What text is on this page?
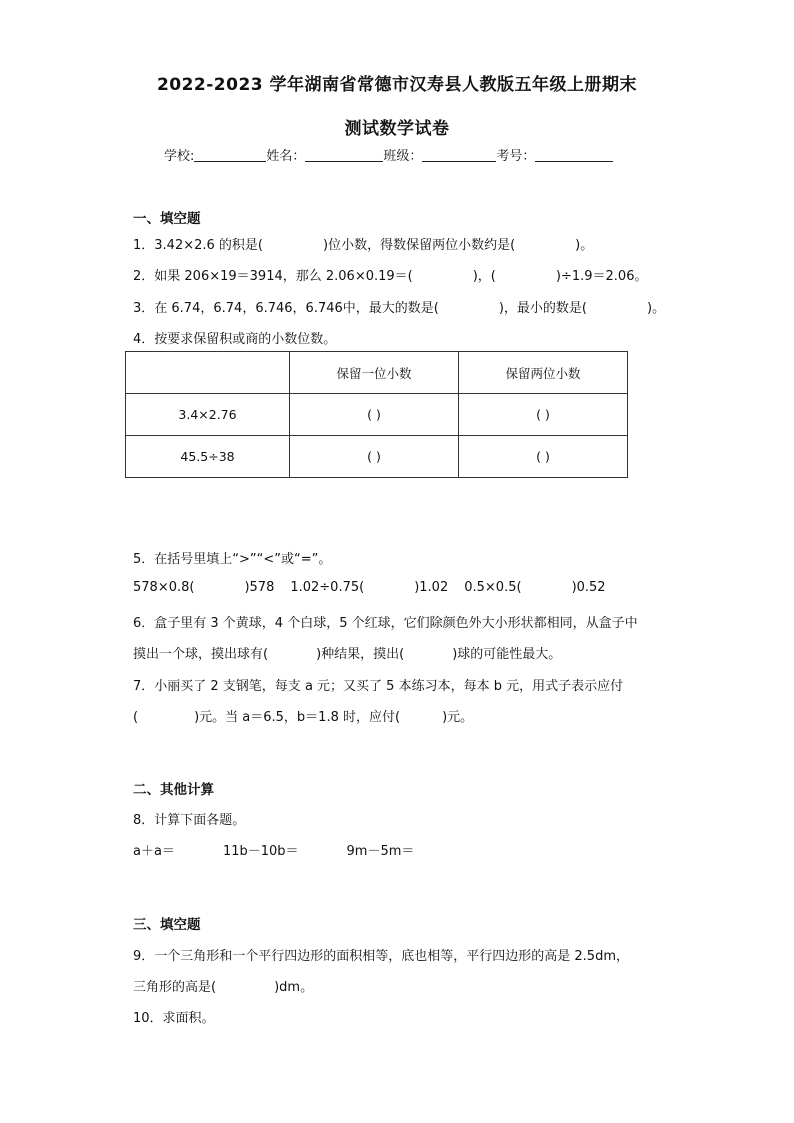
2022-2023 学年湖南省常德市汉寿县人教版五年级上册期末
测试数学试卷
学校:	姓名：	班级：	考号：
一、填空题
1．3.42×2.6 的积是(	)位小数，得数保留两位小数约是(	)。
2．如果 206×19＝3914，那么 2.06×0.19＝(	)，(	)÷1.9＝2.06。
3．在 6.74，6.74̇，6.74̇6̇，6.7̇46̇中，最大的数是(	)，最小的数是(	)。
4．按要求保留积或商的小数位数。
	保留一位小数	保留两位小数
3.4×2.76	( )	( )
45.5÷38	( )	( )
5．在括号里填上“>”“<”或“=”。
578×0.8(	)578 1.02÷0.75(	)1.02 0.5×0.5(	)0.52
6．盒子里有 3 个黄球，4 个白球，5 个红球，它们除颜色外大小形状都相同，从盒子中
摸出一个球，摸出球有(	)种结果，摸出(	)球的可能性最大。
7．小丽买了 2 支钢笔，每支 a 元；又买了 5 本练习本，每本 b 元，用式子表示应付
(	)元。当 a＝6.5，b＝1.8 时，应付(	)元。
二、其他计算
8．计算下面各题。
a＋a＝	11b－10b＝	9m－5m＝
三、填空题
9．一个三角形和一个平行四边形的面积相等，底也相等，平行四边形的高是 2.5dm，
三角形的高是(	)dm。
10．求面积。
